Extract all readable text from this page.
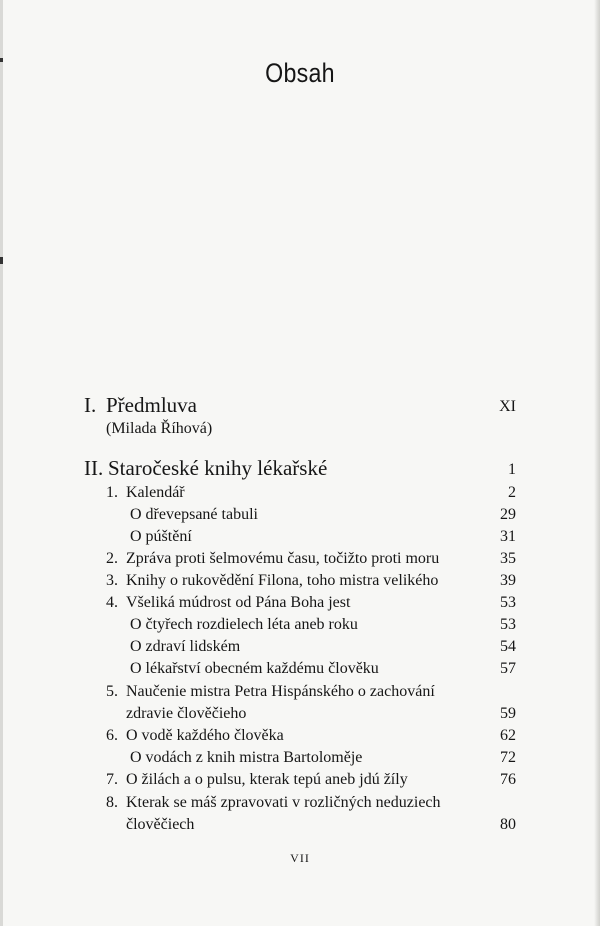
Obsah
I. Předmluva	XI
(Milada Říhová)
II. Staročeské knihy lékařské	1
1. Kalendář	2
O dřevepsané tabuli	29
O púštění	31
2. Zpráva proti šelmovému času, točižto proti moru	35
3. Knihy o rukovědění Filona, toho mistra velikého	39
4. Všeliká múdrost od Pána Boha jest	53
O čtyřech rozdielech léta aneb roku	53
O zdraví lidském	54
O lékařství obecném každému člověku	57
5. Naučenie mistra Petra Hispánského o zachování
zdravie člověčieho	59
6. O vodě každého člověka	62
O vodách z knih mistra Bartoloměje	72
7. O žilách a o pulsu, kterak tepú aneb jdú žíly	76
8. Kterak se máš zpravovati v rozličných neduziech
člověčiech	80
VII
